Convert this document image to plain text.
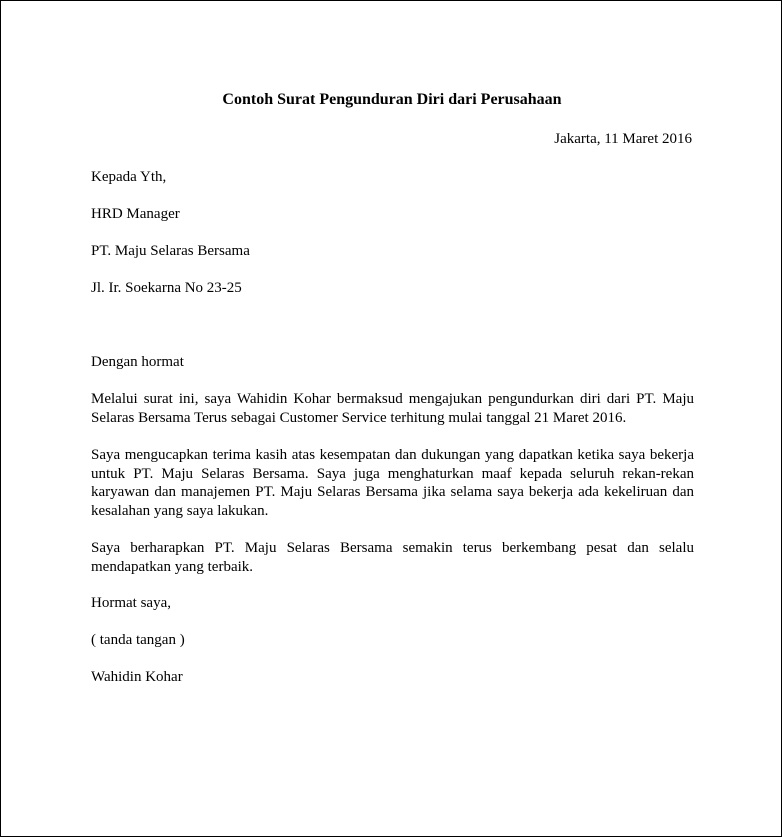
Contoh Surat Pengunduran Diri dari Perusahaan

Jakarta, 11 Maret 2016

Kepada Yth,

HRD Manager

PT. Maju Selaras Bersama

Jl. Ir. Soekarna No 23-25

Dengan hormat

Melalui surat ini, saya Wahidin Kohar bermaksud mengajukan pengundurkan diri dari PT. Maju Selaras Bersama Terus sebagai Customer Service terhitung mulai tanggal 21 Maret 2016.

Saya mengucapkan terima kasih atas kesempatan dan dukungan yang dapatkan ketika saya bekerja untuk PT. Maju Selaras Bersama. Saya juga menghaturkan maaf kepada seluruh rekan-rekan karyawan dan manajemen PT. Maju Selaras Bersama jika selama saya bekerja ada kekeliruan dan kesalahan yang saya lakukan.

Saya berharapkan PT. Maju Selaras Bersama semakin terus berkembang pesat dan selalu mendapatkan yang terbaik.

Hormat saya,

( tanda tangan )

Wahidin Kohar
